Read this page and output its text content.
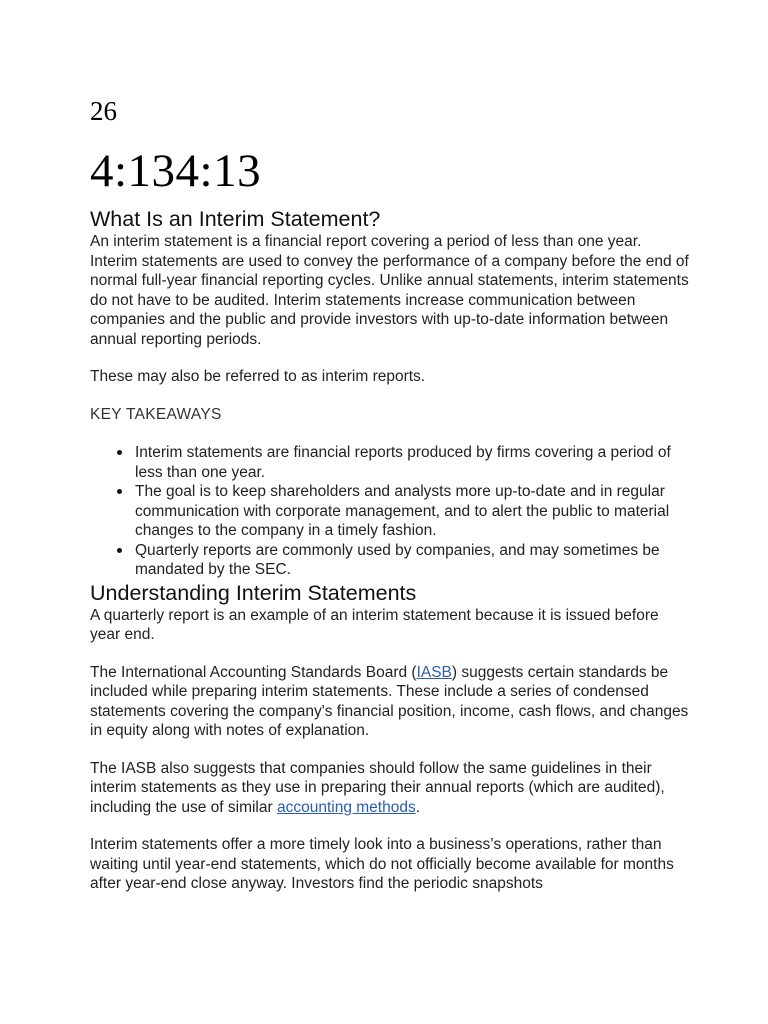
26
4:134:13
What Is an Interim Statement?

An interim statement is a financial report covering a period of less than one year. Interim statements are used to convey the performance of a company before the end of normal full-year financial reporting cycles. Unlike annual statements, interim statements do not have to be audited. Interim statements increase communication between companies and the public and provide investors with up-to-date information between annual reporting periods.

These may also be referred to as interim reports.

KEY TAKEAWAYS
Interim statements are financial reports produced by firms covering a period of less than one year.
The goal is to keep shareholders and analysts more up-to-date and in regular communication with corporate management, and to alert the public to material changes to the company in a timely fashion.
Quarterly reports are commonly used by companies, and may sometimes be mandated by the SEC.
Understanding Interim Statements

A quarterly report is an example of an interim statement because it is issued before year end.

The International Accounting Standards Board (IASB) suggests certain standards be included while preparing interim statements. These include a series of condensed statements covering the company's financial position, income, cash flows, and changes in equity along with notes of explanation.

The IASB also suggests that companies should follow the same guidelines in their interim statements as they use in preparing their annual reports (which are audited), including the use of similar accounting methods.

Interim statements offer a more timely look into a business’s operations, rather than waiting until year-end statements, which do not officially become available for months after year-end close anyway. Investors find the periodic snapshots
